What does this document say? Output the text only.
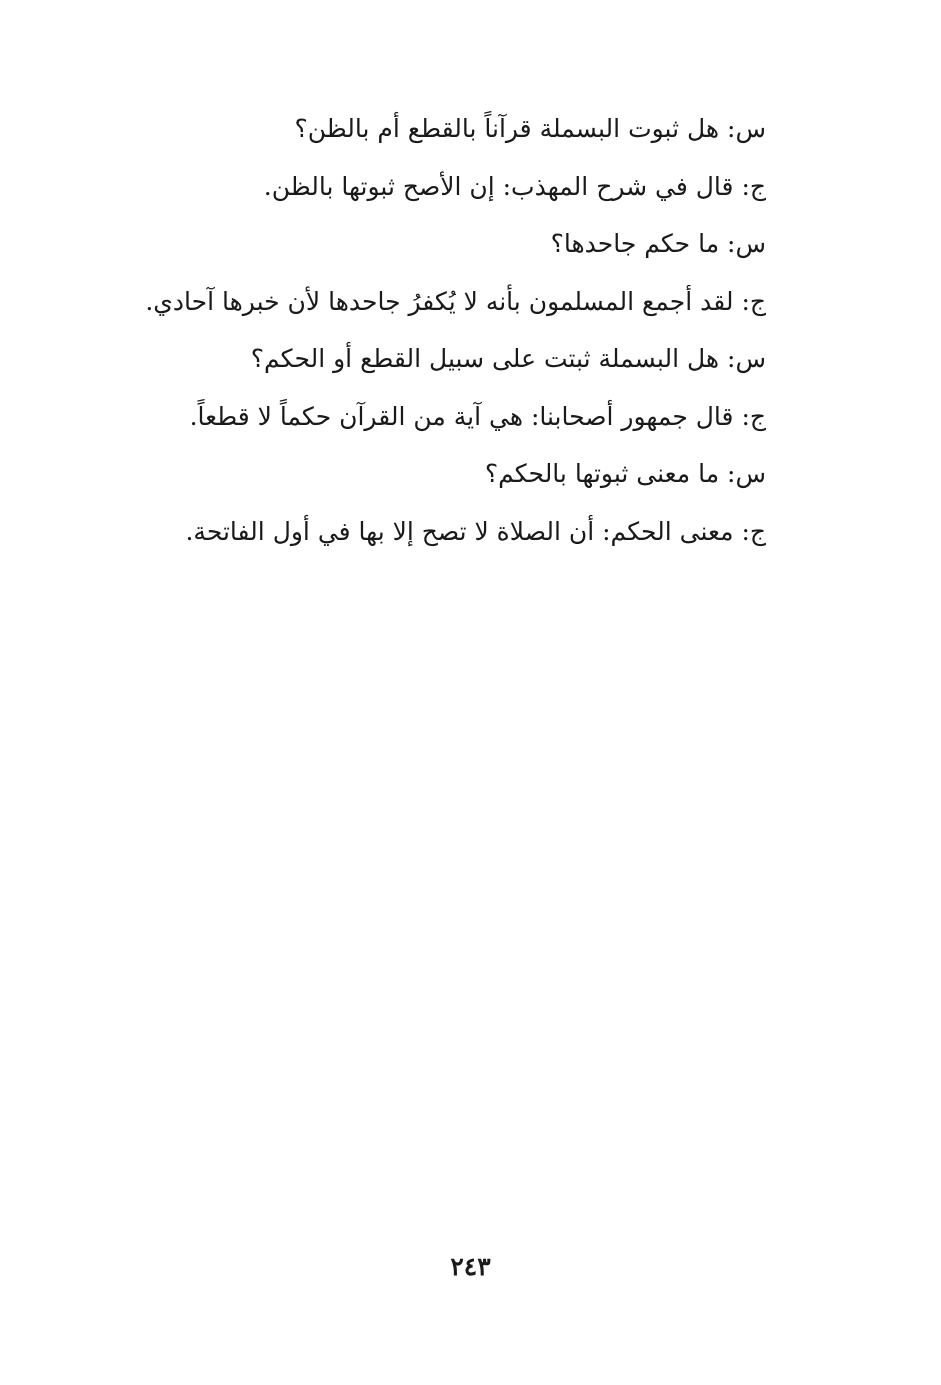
س: هل ثبوت البسملة قرآناً بالقطع أم بالظن؟
ج: قال في شرح المهذب: إن الأصح ثبوتها بالظن.
س: ما حكم جاحدها؟
ج: لقد أجمع المسلمون بأنه لا يُكفرُ جاحدها لأن خبرها آحادي.
س: هل البسملة ثبتت على سبيل القطع أو الحكم؟
ج: قال جمهور أصحابنا: هي آية من القرآن حكماً لا قطعاً.
س: ما معنى ثبوتها بالحكم؟
ج: معنى الحكم: أن الصلاة لا تصح إلا بها في أول الفاتحة.
٢٤٣
